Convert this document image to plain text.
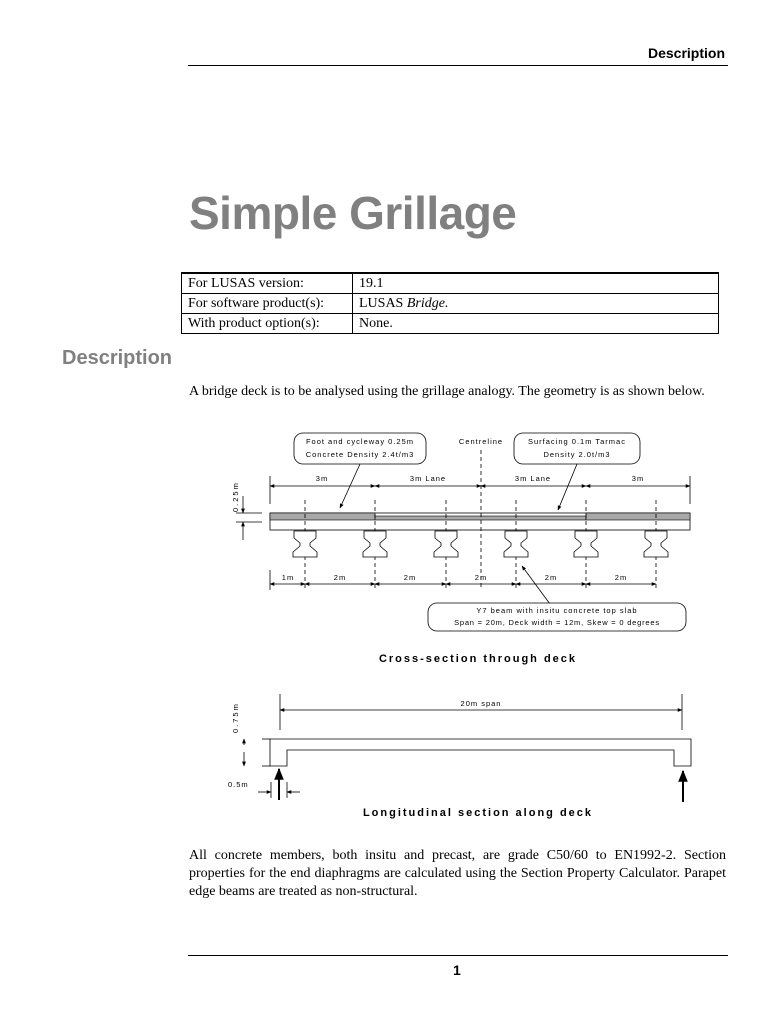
Description
Simple Grillage
For LUSAS version:	19.1
For software product(s):	LUSAS Bridge.
With product option(s):	None.
Description

A bridge deck is to be analysed using the grillage analogy. The geometry is as shown below.

Foot and cycleway 0.25m
Concrete Density 2.4t/m3
Centreline	Surfacing 0.1m Tarmac
Density 2.0t/m3
3m	3m Lane	3m Lane	3m
0.25m
1m	2m	2m	2m	2m	2m
Y7 beam with insitu concrete top slab
Span = 20m, Deck width = 12m, Skew = 0 degrees
Cross-section through deck
20m span
0.75m
0.5m
Longitudinal section along deck

All concrete members, both insitu and precast, are grade C50/60 to EN1992-2. Section properties for the end diaphragms are calculated using the Section Property Calculator. Parapet edge beams are treated as non-structural.

1
